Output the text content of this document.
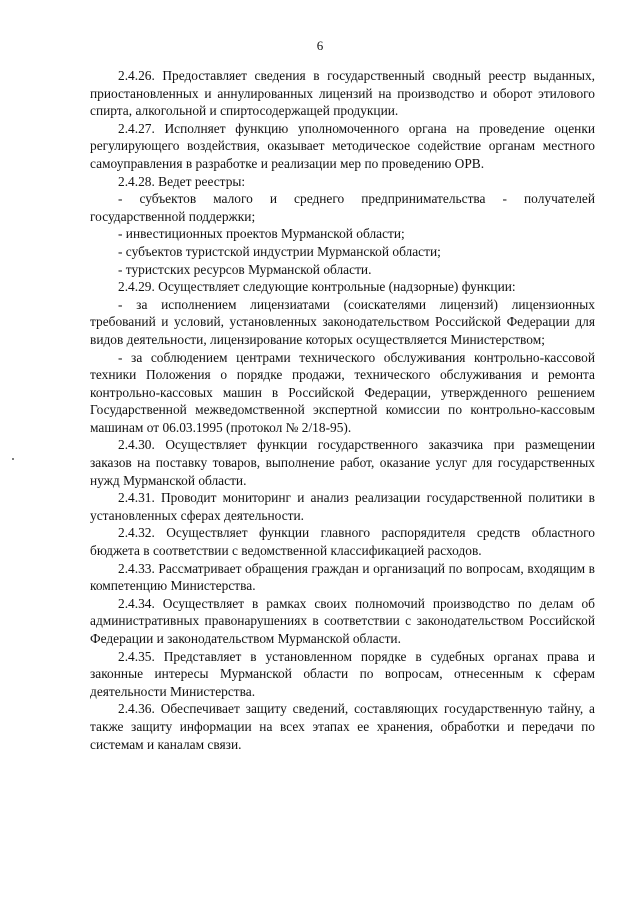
6

2.4.26. Предоставляет сведения в государственный сводный реестр выданных, приостановленных и аннулированных лицензий на производство и оборот этилового спирта, алкогольной и спиртосодержащей продукции.

2.4.27. Исполняет функцию уполномоченного органа на проведение оценки регулирующего воздействия, оказывает методическое содействие органам местного самоуправления в разработке и реализации мер по проведению ОРВ.

2.4.28. Ведет реестры:

- субъектов малого и среднего предпринимательства - получателей государственной поддержки;

- инвестиционных проектов Мурманской области;

- субъектов туристской индустрии Мурманской области;

- туристских ресурсов Мурманской области.

2.4.29. Осуществляет следующие контрольные (надзорные) функции:

- за исполнением лицензиатами (соискателями лицензий) лицензионных требований и условий, установленных законодательством Российской Федерации для видов деятельности, лицензирование которых осуществляется Министерством;

- за соблюдением центрами технического обслуживания контрольно-кассовой техники Положения о порядке продажи, технического обслуживания и ремонта контрольно-кассовых машин в Российской Федерации, утвержденного решением Государственной межведомственной экспертной комиссии по контрольно-кассовым машинам от 06.03.1995 (протокол № 2/18-95).

2.4.30. Осуществляет функции государственного заказчика при размещении заказов на поставку товаров, выполнение работ, оказание услуг для государственных нужд Мурманской области.

2.4.31. Проводит мониторинг и анализ реализации государственной политики в установленных сферах деятельности.

2.4.32. Осуществляет функции главного распорядителя средств областного бюджета в соответствии с ведомственной классификацией расходов.

2.4.33. Рассматривает обращения граждан и организаций по вопросам, входящим в компетенцию Министерства.

2.4.34. Осуществляет в рамках своих полномочий производство по делам об административных правонарушениях в соответствии с законодательством Российской Федерации и законодательством Мурманской области.

2.4.35. Представляет в установленном порядке в судебных органах права и законные интересы Мурманской области по вопросам, отнесенным к сферам деятельности Министерства.

2.4.36. Обеспечивает защиту сведений, составляющих государственную тайну, а также защиту информации на всех этапах ее хранения, обработки и передачи по системам и каналам связи.
